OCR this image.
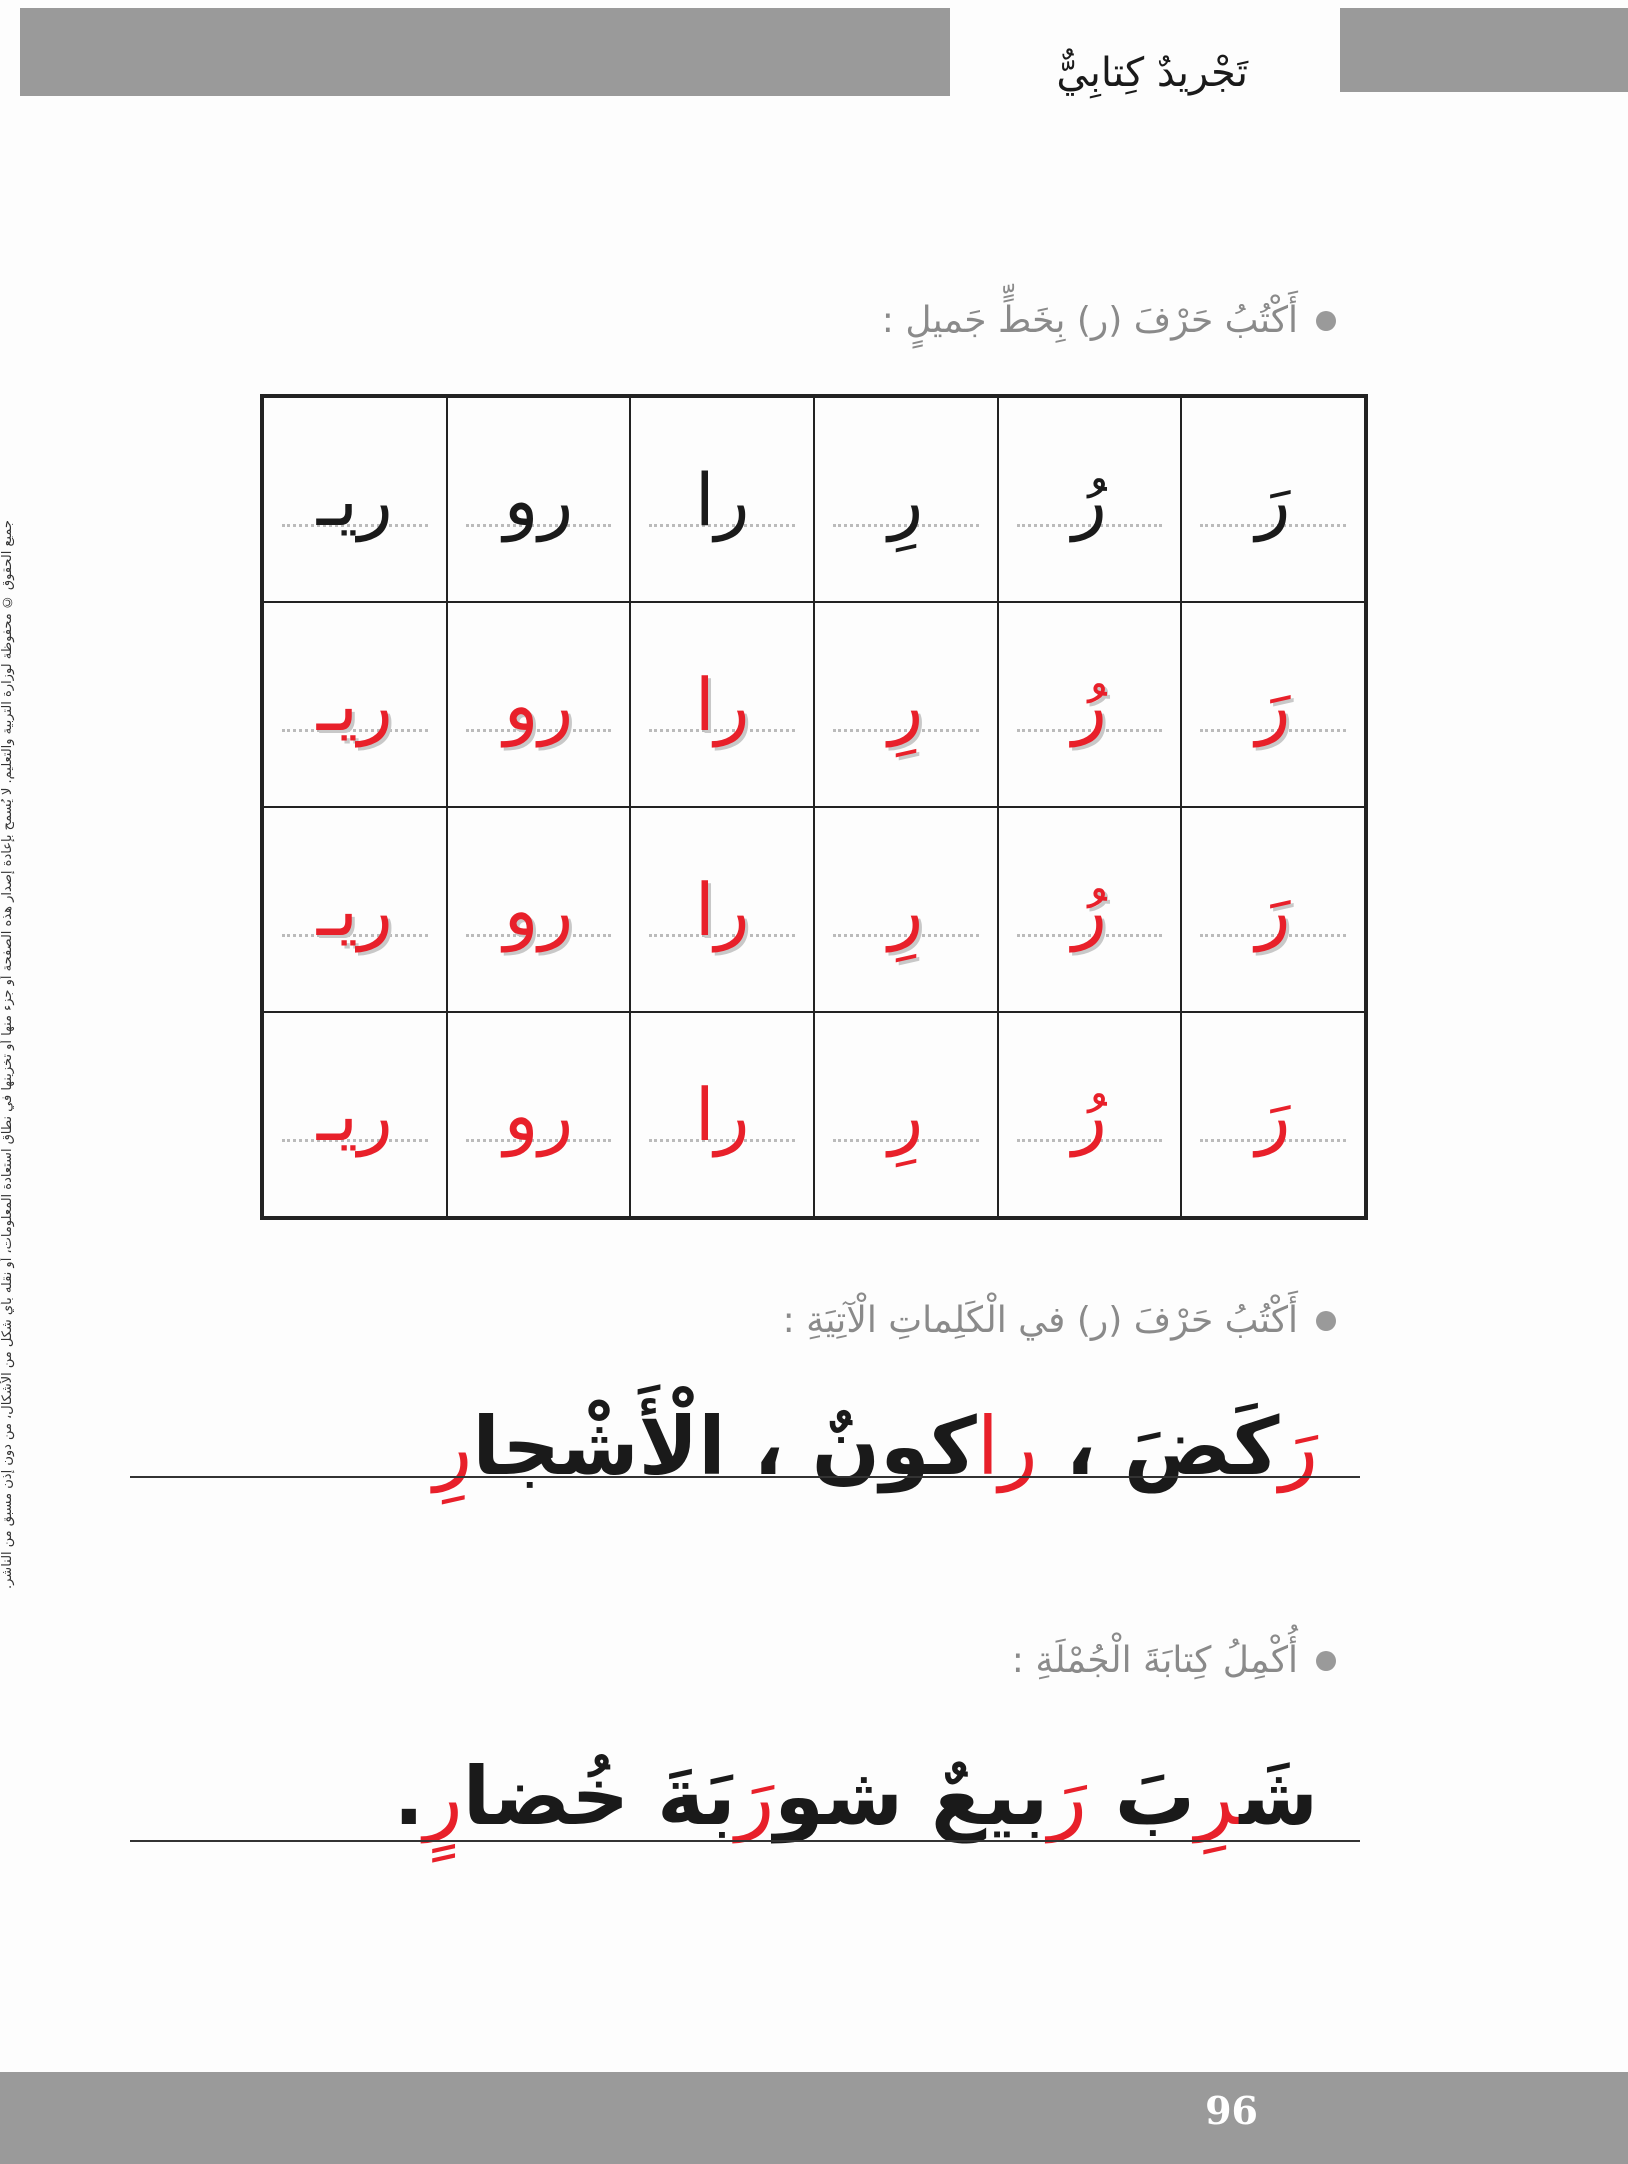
تَجْريدٌ كِتابِيٌّ
جميع الحقوق © محفوظة لوزارة التربية والتعليم. لا يُسمح بإعادة إصدار هذه الصفحة أو جزء منها أو تخزينها في نطاق استعادة المعلومات، أو نقله بأي شكل من الأشكال، من دون إذن مسبق من الناشر.
أَكْتُبُ حَرْفَ (ر) بِخَطٍّ جَميلٍ :
رَ
رُ
رِ
را
رو
ريـ
رَ
رُ
رِ
را
رو
ريـ
رَ
رُ
رِ
را
رو
ريـ
رَ
رُ
رِ
را
رو
ريـ
أَكْتُبُ حَرْفَ (ر) في الْكَلِماتِ الْآتِيَةِ :
رَكَضَ ، راكونٌ ، الْأَشْجارِ
أُكْمِلُ كِتابَةَ الْجُمْلَةِ :
شَرِبَ رَبيعٌ شورَبَةَ خُضارٍ.
96
